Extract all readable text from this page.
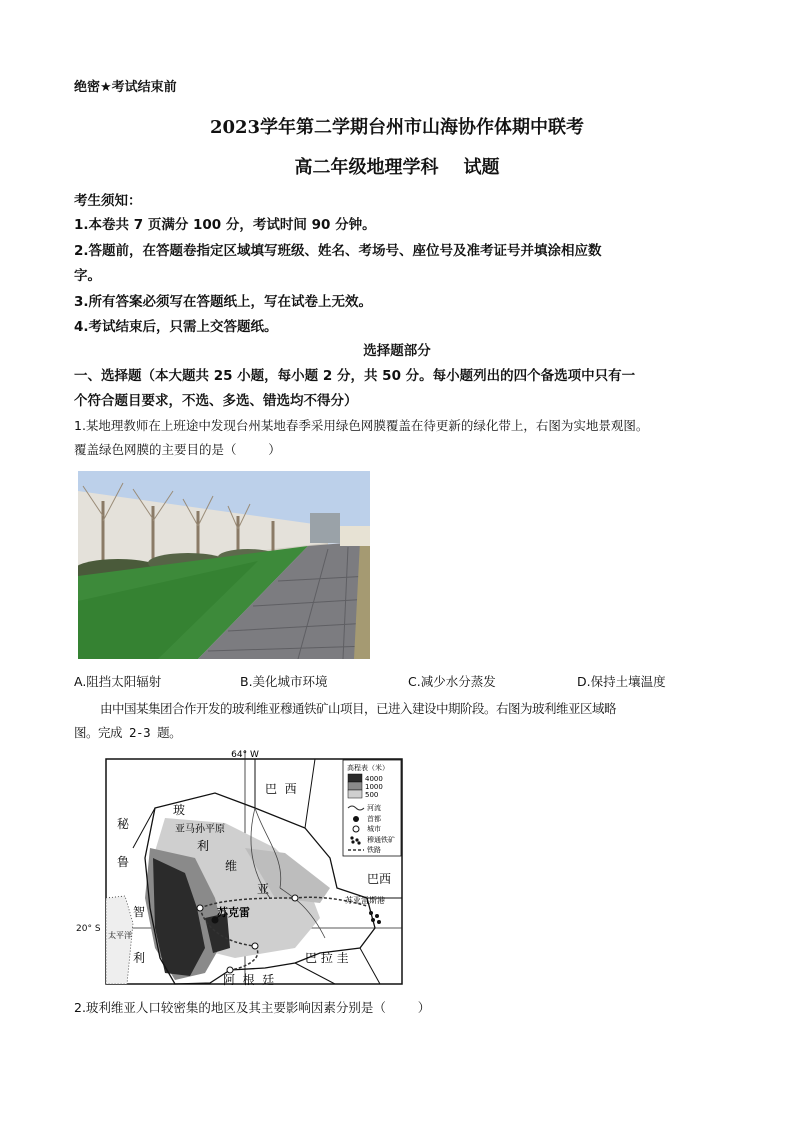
绝密★考试结束前
2023学年第二学期台州市山海协作体期中联考
高二年级地理学科    试题
考生须知：
1.本卷共 7 页满分 100 分，考试时间 90 分钟。
2.答题前，在答题卷指定区域填写班级、姓名、考场号、座位号及准考证号并填涂相应数
字。
3.所有答案必须写在答题纸上，写在试卷上无效。
4.考试结束后，只需上交答题纸。
选择题部分
一、选择题（本大题共 25 小题，每小题 2 分，共 50 分。每小题列出的四个备选项中只有一
个符合题目要求，不选、多选、错选均不得分）
1.某地理教师在上班途中发现台州某地春季采用绿色网膜覆盖在待更新的绿化带上，右图为实地景观图。
覆盖绿色网膜的主要目的是（        ）
A.阻挡太阳辐射	B.美化城市环境	C.减少水分蒸发	D.保持土壤温度
由中国某集团合作开发的玻利维亚穆通铁矿山项目，已进入建设中期阶段。右图为玻利维亚区域略
图。完成 2-3 题。
64° W
秘
鲁
玻
利
维
亚
巴  西
巴西
智
利	巴 拉 圭
阿  根  廷
亚马孙平原
苏克雷
苏亚雷斯港
太平洋
高程表（米）
4000
1000
500
河流
首都
城市
穆通铁矿
铁路
20° S
2.玻利维亚人口较密集的地区及其主要影响因素分别是（        ）
